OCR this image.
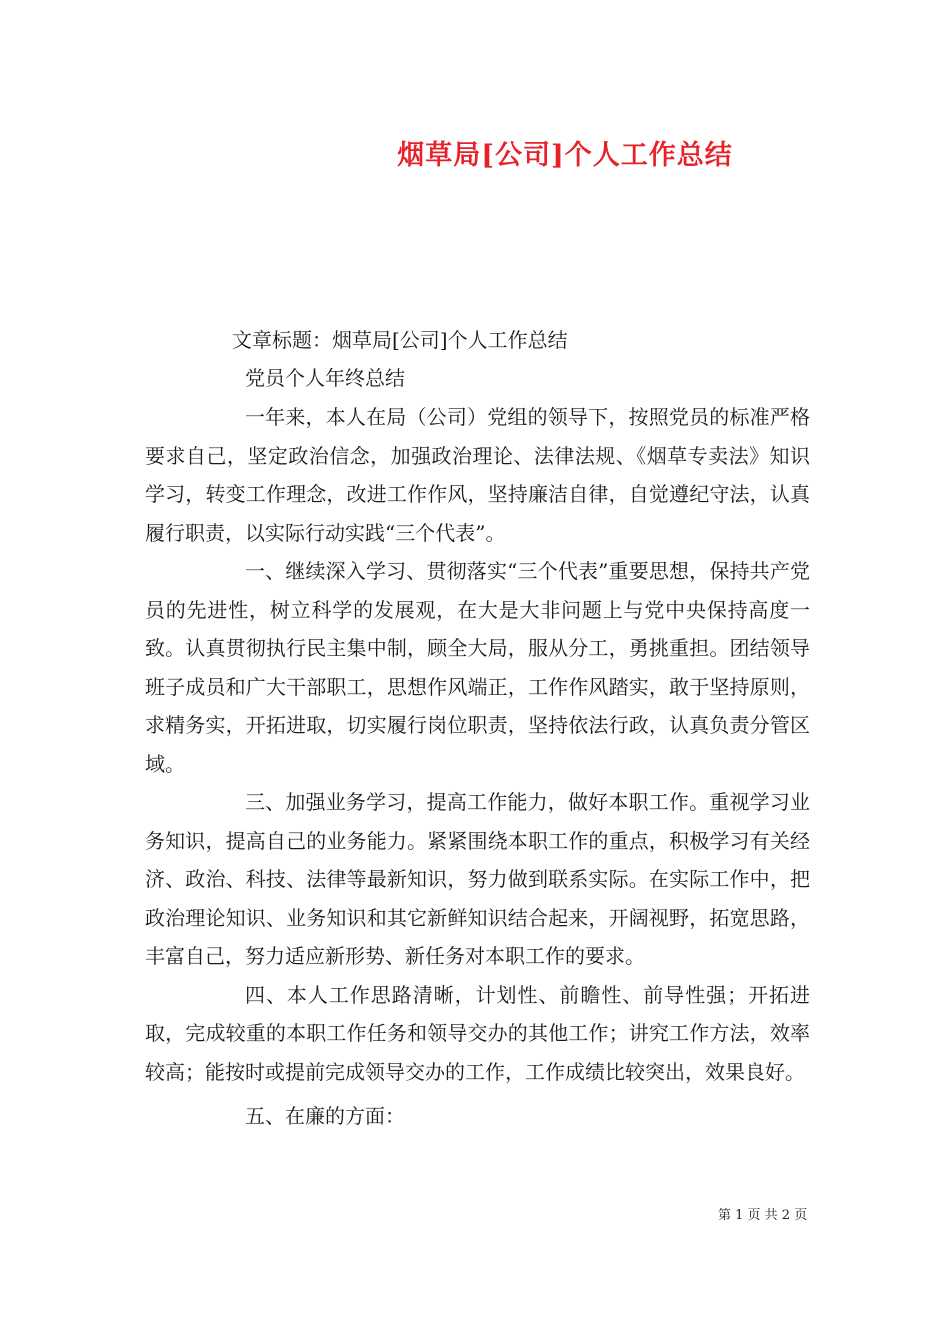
烟草局[公司]个人工作总结
文章标题：烟草局[公司]个人工作总结
党员个人年终总结

一年来，本人在局（公司）党组的领导下，按照党员的标准严格要求自己，坚定政治信念，加强政治理论、法律法规、《烟草专卖法》知识学习，转变工作理念，改进工作作风，坚持廉洁自律，自觉遵纪守法，认真履行职责，以实际行动实践“三个代表”。

一、继续深入学习、贯彻落实“三个代表”重要思想，保持共产党员的先进性，树立科学的发展观，在大是大非问题上与党中央保持高度一致。认真贯彻执行民主集中制，顾全大局，服从分工，勇挑重担。团结领导班子成员和广大干部职工，思想作风端正，工作作风踏实，敢于坚持原则，求精务实，开拓进取，切实履行岗位职责，坚持依法行政，认真负责分管区域。

三、加强业务学习，提高工作能力，做好本职工作。重视学习业务知识，提高自己的业务能力。紧紧围绕本职工作的重点，积极学习有关经济、政治、科技、法律等最新知识，努力做到联系实际。在实际工作中，把政治理论知识、业务知识和其它新鲜知识结合起来，开阔视野，拓宽思路，丰富自己，努力适应新形势、新任务对本职工作的要求。

四、本人工作思路清晰，计划性、前瞻性、前导性强；开拓进取，完成较重的本职工作任务和领导交办的其他工作；讲究工作方法，效率较高；能按时或提前完成领导交办的工作，工作成绩比较突出，效果良好。

五、在廉的方面：

第 1 页 共 2 页
